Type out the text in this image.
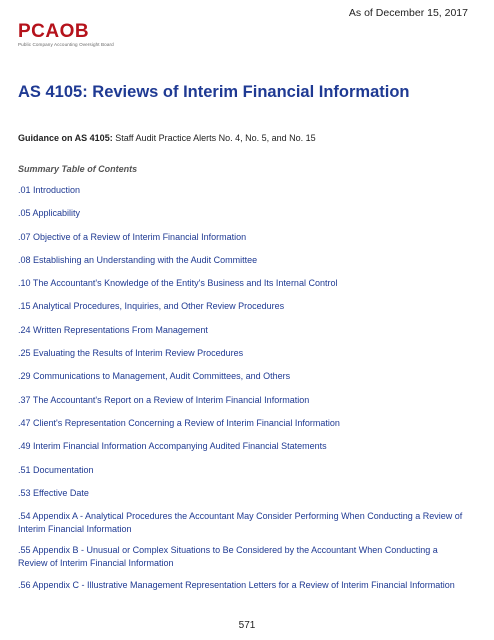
As of December 15, 2017
PCAOB
Public Company Accounting Oversight Board
AS 4105: Reviews of Interim Financial Information
Guidance on AS 4105: Staff Audit Practice Alerts No. 4, No. 5, and No. 15
Summary Table of Contents
.01 Introduction
.05 Applicability
.07 Objective of a Review of Interim Financial Information
.08 Establishing an Understanding with the Audit Committee
.10 The Accountant's Knowledge of the Entity's Business and Its Internal Control
.15 Analytical Procedures, Inquiries, and Other Review Procedures
.24 Written Representations From Management
.25 Evaluating the Results of Interim Review Procedures
.29 Communications to Management, Audit Committees, and Others
.37 The Accountant's Report on a Review of Interim Financial Information
.47 Client's Representation Concerning a Review of Interim Financial Information
.49 Interim Financial Information Accompanying Audited Financial Statements
.51 Documentation
.53 Effective Date
.54 Appendix A - Analytical Procedures the Accountant May Consider Performing When Conducting a Review of Interim Financial Information
.55 Appendix B - Unusual or Complex Situations to Be Considered by the Accountant When Conducting a Review of Interim Financial Information
.56 Appendix C - Illustrative Management Representation Letters for a Review of Interim Financial Information
571
